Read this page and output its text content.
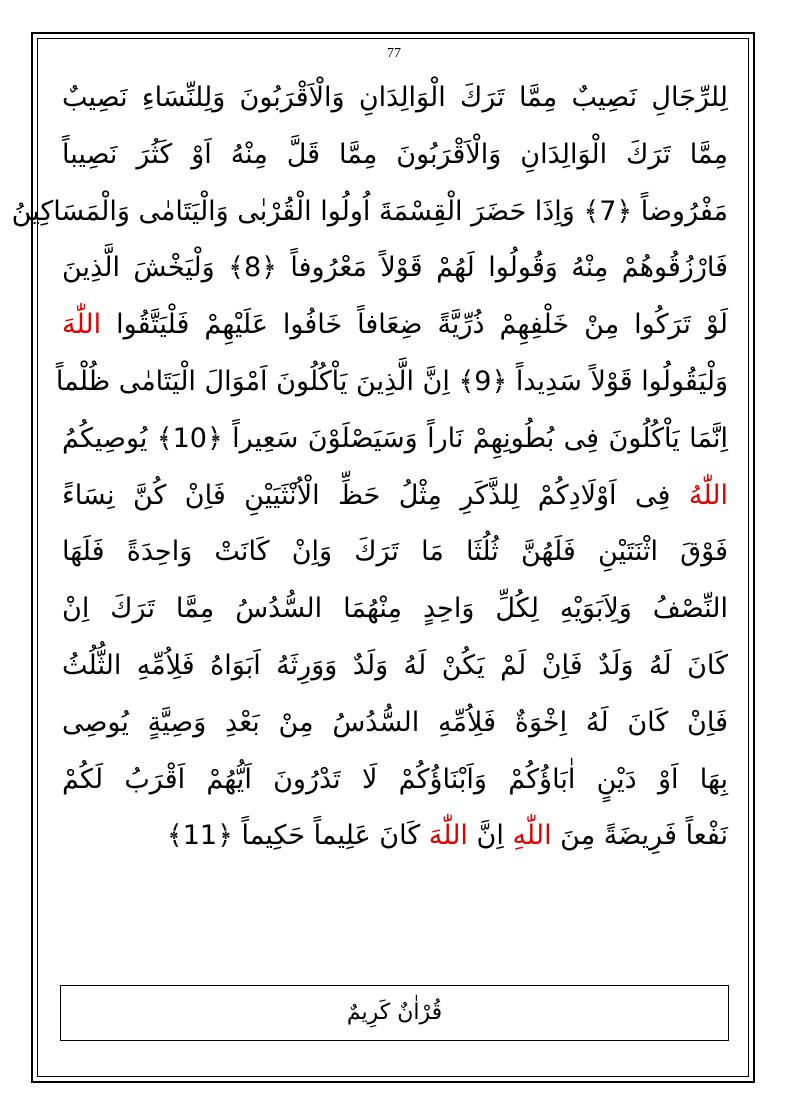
77
لِلرِّجَالِ نَصِيبٌ مِمَّا تَرَكَ الْوَالِدَانِ وَالْاَقْرَبُونَ وَلِلنِّسَاءِ نَصِيبٌ
مِمَّا تَرَكَ الْوَالِدَانِ وَالْاَقْرَبُونَ مِمَّا قَلَّ مِنْهُ اَوْ كَثُرَ نَصِيباً
مَفْرُوضاً ﴿7﴾ وَاِذَا حَضَرَ الْقِسْمَةَ اُولُوا الْقُرْبٰى وَالْيَتَامٰى وَالْمَسَاكِينُ
فَارْزُقُوهُمْ مِنْهُ وَقُولُوا لَهُمْ قَوْلاً مَعْرُوفاً ﴿8﴾ وَلْيَخْشَ الَّذِينَ
لَوْ تَرَكُوا مِنْ خَلْفِهِمْ ذُرِّيَّةً ضِعَافاً خَافُوا عَلَيْهِمْ فَلْيَتَّقُوا اللّٰهَ
وَلْيَقُولُوا قَوْلاً سَدِيداً ﴿9﴾ اِنَّ الَّذِينَ يَاْكُلُونَ اَمْوَالَ الْيَتَامٰى ظُلْماً
اِنَّمَا يَاْكُلُونَ فِى بُطُونِهِمْ نَاراً وَسَيَصْلَوْنَ سَعِيراً ﴿10﴾ يُوصِيكُمُ
اللّٰهُ فِى اَوْلَادِكُمْ لِلذَّكَرِ مِثْلُ حَظِّ الْاُنْثَيَيْنِ فَاِنْ كُنَّ نِسَاءً
فَوْقَ اثْنَتَيْنِ فَلَهُنَّ ثُلُثَا مَا تَرَكَ وَاِنْ كَانَتْ وَاحِدَةً فَلَهَا
النِّصْفُ وَلِاَبَوَيْهِ لِكُلِّ وَاحِدٍ مِنْهُمَا السُّدُسُ مِمَّا تَرَكَ اِنْ
كَانَ لَهُ وَلَدٌ فَاِنْ لَمْ يَكُنْ لَهُ وَلَدٌ وَوَرِثَهُ اَبَوَاهُ فَلِاُمِّهِ الثُّلُثُ
فَاِنْ كَانَ لَهُ اِخْوَةٌ فَلِاُمِّهِ السُّدُسُ مِنْ بَعْدِ وَصِيَّةٍ يُوصِى
بِهَا اَوْ دَيْنٍ اٰبَاؤُكُمْ وَاَبْنَاؤُكُمْ لَا تَدْرُونَ اَيُّهُمْ اَقْرَبُ لَكُمْ
نَفْعاً فَرِيضَةً مِنَ اللّٰهِ اِنَّ اللّٰهَ كَانَ عَلِيماً حَكِيماً ﴿11﴾
قُرْاٰنٌ كَرِيمٌ
